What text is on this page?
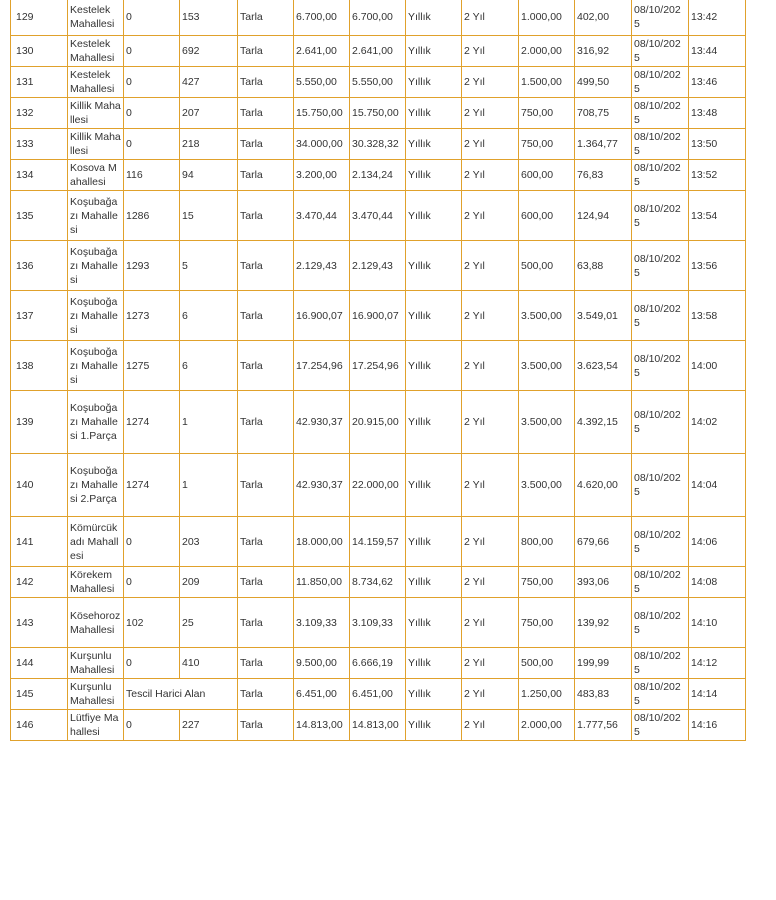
129	Kestelek Mahallesi	0	153	Tarla	6.700,00	6.700,00	Yıllık	2 Yıl	1.000,00	402,00	08/10/2025	13:42
130	Kestelek Mahallesi	0	692	Tarla	2.641,00	2.641,00	Yıllık	2 Yıl	2.000,00	316,92	08/10/2025	13:44
131	Kestelek Mahallesi	0	427	Tarla	5.550,00	5.550,00	Yıllık	2 Yıl	1.500,00	499,50	08/10/2025	13:46
132	Killik Mahallesi	0	207	Tarla	15.750,00	15.750,00	Yıllık	2 Yıl	750,00	708,75	08/10/2025	13:48
133	Killik Mahallesi	0	218	Tarla	34.000,00	30.328,32	Yıllık	2 Yıl	750,00	1.364,77	08/10/2025	13:50
134	Kosova Mahallesi	116	94	Tarla	3.200,00	2.134,24	Yıllık	2 Yıl	600,00	76,83	08/10/2025	13:52
135	Koşubağazı Mahallesi	1286	15	Tarla	3.470,44	3.470,44	Yıllık	2 Yıl	600,00	124,94	08/10/2025	13:54
136	Koşubağazı Mahallesi	1293	5	Tarla	2.129,43	2.129,43	Yıllık	2 Yıl	500,00	63,88	08/10/2025	13:56
137	Koşuboğazı Mahallesi	1273	6	Tarla	16.900,07	16.900,07	Yıllık	2 Yıl	3.500,00	3.549,01	08/10/2025	13:58
138	Koşuboğazı Mahallesi	1275	6	Tarla	17.254,96	17.254,96	Yıllık	2 Yıl	3.500,00	3.623,54	08/10/2025	14:00
139	Koşuboğazı Mahallesi 1.Parça	1274	1	Tarla	42.930,37	20.915,00	Yıllık	2 Yıl	3.500,00	4.392,15	08/10/2025	14:02
140	Koşuboğazı Mahallesi 2.Parça	1274	1	Tarla	42.930,37	22.000,00	Yıllık	2 Yıl	3.500,00	4.620,00	08/10/2025	14:04
141	Kömürcükadı Mahallesi	0	203	Tarla	18.000,00	14.159,57	Yıllık	2 Yıl	800,00	679,66	08/10/2025	14:06
142	Körekem Mahallesi	0	209	Tarla	11.850,00	8.734,62	Yıllık	2 Yıl	750,00	393,06	08/10/2025	14:08
143	Kösehoroz Mahallesi	102	25	Tarla	3.109,33	3.109,33	Yıllık	2 Yıl	750,00	139,92	08/10/2025	14:10
144	Kurşunlu Mahallesi	0	410	Tarla	9.500,00	6.666,19	Yıllık	2 Yıl	500,00	199,99	08/10/2025	14:12
145	Kurşunlu Mahallesi	Tescil Harici Alan		Tarla	6.451,00	6.451,00	Yıllık	2 Yıl	1.250,00	483,83	08/10/2025	14:14
146	Lütfiye Mahallesi	0	227	Tarla	14.813,00	14.813,00	Yıllık	2 Yıl	2.000,00	1.777,56	08/10/2025	14:16
